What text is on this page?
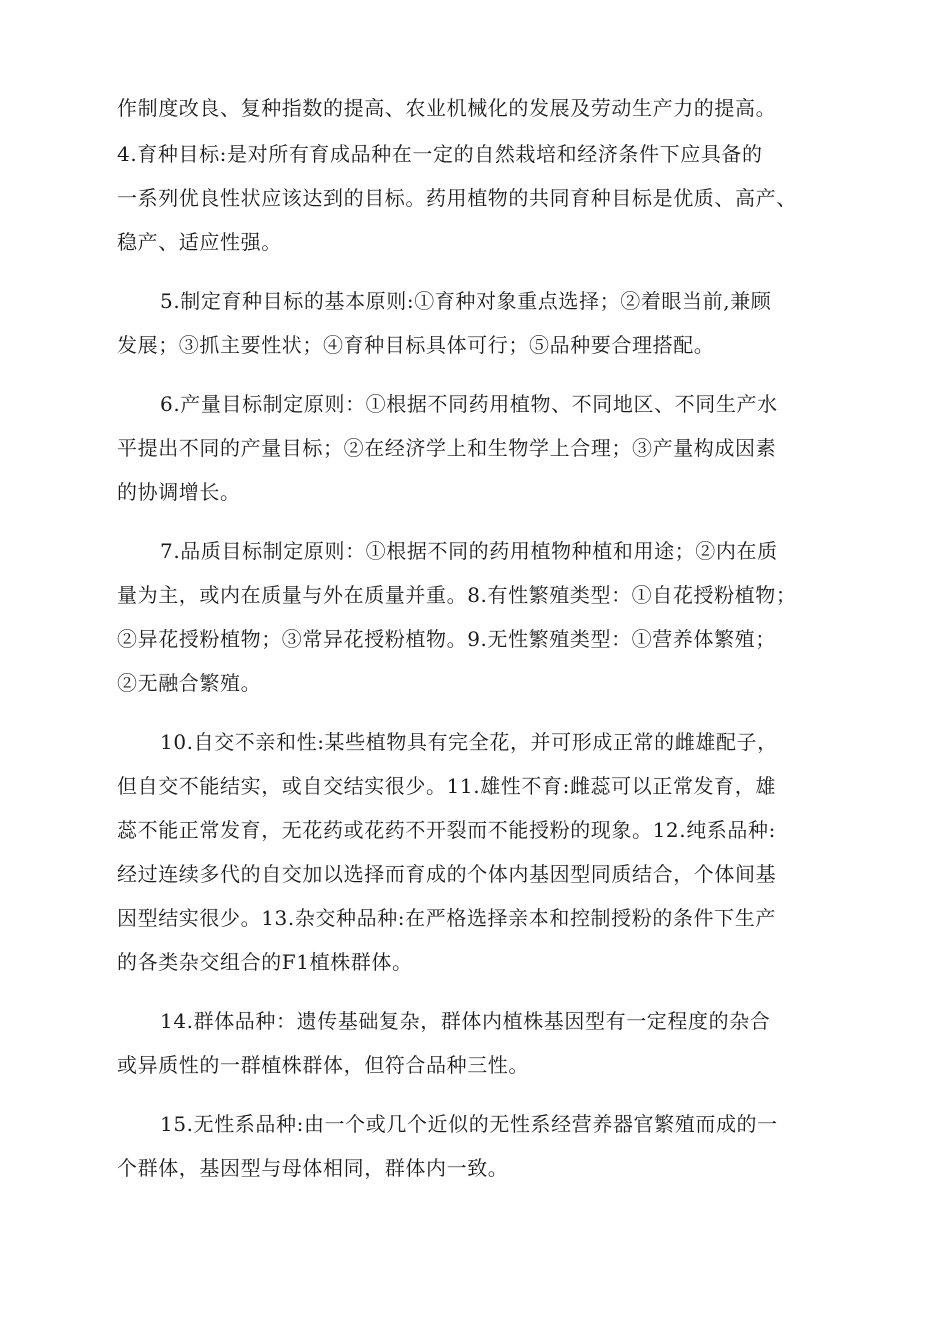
作制度改良、复种指数的提高、农业机械化的发展及劳动生产力的提高。
4.育种目标:是对所有育成品种在一定的自然栽培和经济条件下应具备的
一系列优良性状应该达到的目标。药用植物的共同育种目标是优质、高产、
稳产、适应性强。
5.制定育种目标的基本原则:①育种对象重点选择；②着眼当前,兼顾
发展；③抓主要性状；④育种目标具体可行；⑤品种要合理搭配。
6.产量目标制定原则：①根据不同药用植物、不同地区、不同生产水
平提出不同的产量目标；②在经济学上和生物学上合理；③产量构成因素
的协调增长。
7.品质目标制定原则：①根据不同的药用植物种植和用途；②内在质
量为主，或内在质量与外在质量并重。8.有性繁殖类型：①自花授粉植物；
②异花授粉植物；③常异花授粉植物。9.无性繁殖类型：①营养体繁殖；
②无融合繁殖。
10.自交不亲和性:某些植物具有完全花，并可形成正常的雌雄配子，
但自交不能结实，或自交结实很少。11.雄性不育:雌蕊可以正常发育，雄
蕊不能正常发育，无花药或花药不开裂而不能授粉的现象。12.纯系品种:
经过连续多代的自交加以选择而育成的个体内基因型同质结合，个体间基
因型结实很少。13.杂交种品种:在严格选择亲本和控制授粉的条件下生产
的各类杂交组合的F1植株群体。
14.群体品种：遗传基础复杂，群体内植株基因型有一定程度的杂合
或异质性的一群植株群体，但符合品种三性。
15.无性系品种:由一个或几个近似的无性系经营养器官繁殖而成的一
个群体，基因型与母体相同，群体内一致。
